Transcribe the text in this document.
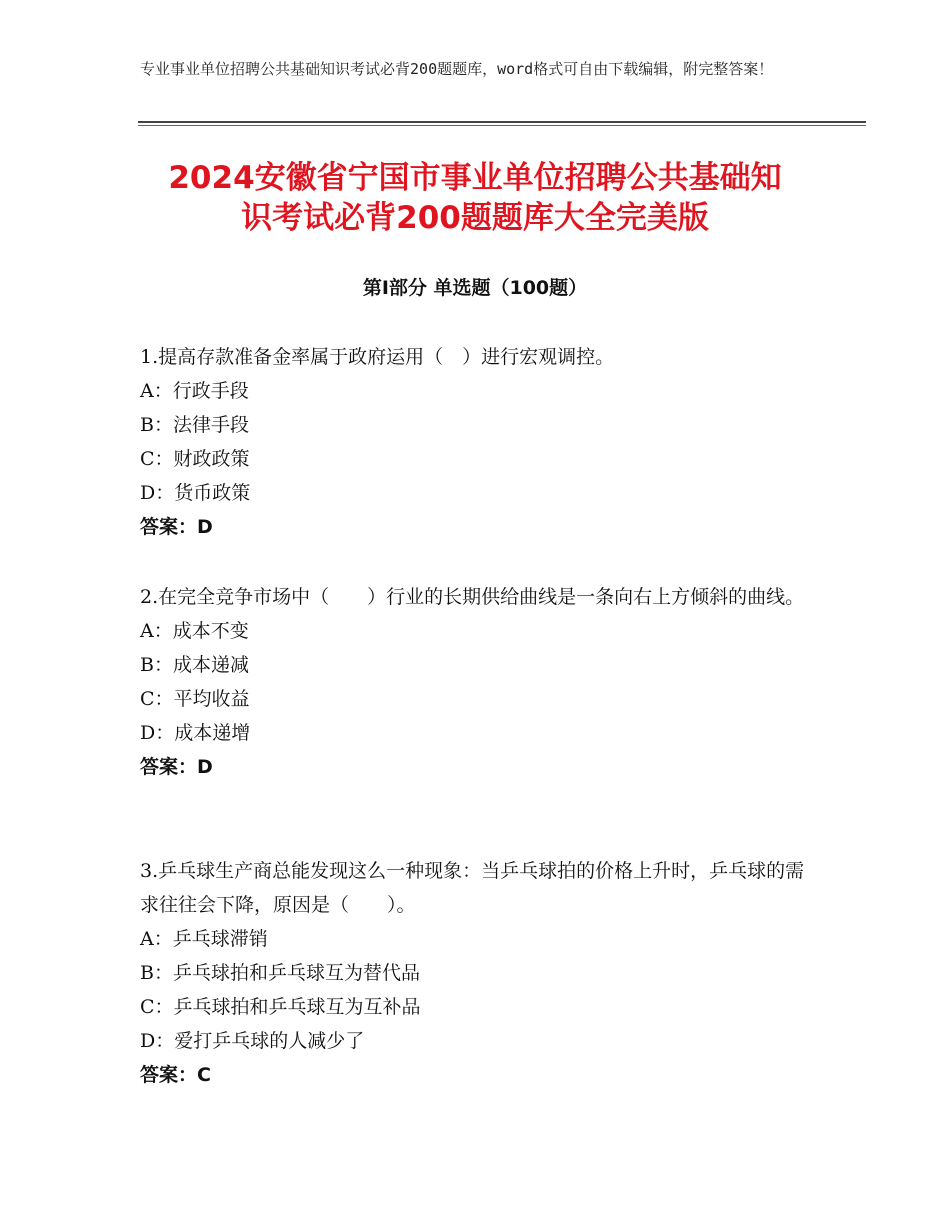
专业事业单位招聘公共基础知识考试必背200题题库，word格式可自由下载编辑，附完整答案！
2024安徽省宁国市事业单位招聘公共基础知
识考试必背200题题库大全完美版
第Ⅰ部分 单选题（100题）

1.提高存款准备金率属于政府运用（　）进行宏观调控。

A：行政手段

B：法律手段

C：财政政策

D：货币政策

答案：D

2.在完全竞争市场中（　　）行业的长期供给曲线是一条向右上方倾斜的曲线。

A：成本不变

B：成本递减

C：平均收益

D：成本递增

答案：D

3.乒乓球生产商总能发现这么一种现象：当乒乓球拍的价格上升时，乒乓球的需求往往会下降，原因是（　　）。

A：乒乓球滞销

B：乒乓球拍和乒乓球互为替代品

C：乒乓球拍和乒乓球互为互补品

D：爱打乒乓球的人减少了

答案：C
